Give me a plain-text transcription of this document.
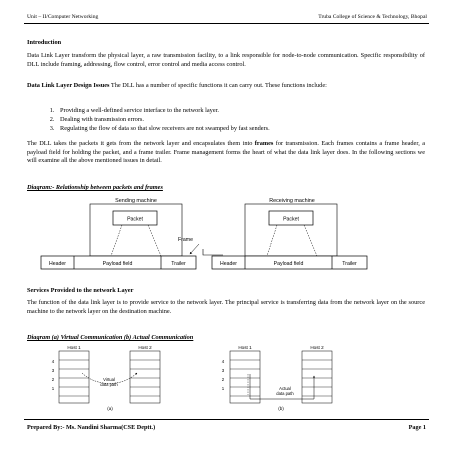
Unit – II/Computer Networking	Truba College of Science & Technology, Bhopal
Introduction
Data Link Layer transform the physical layer, a raw transmission facility, to a link responsible for node-to-node communication. Specific responsibility of DLL include framing, addressing, flow control, error control and media access control.
Data Link Layer Design Issues The DLL has a number of specific functions it can carry out. These functions include:
1. Providing a well-defined service interface to the network layer.
2. Dealing with transmission errors.
3. Regulating the flow of data so that slow receivers are not swamped by fast senders.
The DLL takes the packets it gets from the network layer and encapsulates them into frames for transmission. Each frames contains a frame header, a payload field for holding the packet, and a frame trailer. Frame management forms the heart of what the data link layer does. In the following sections we will examine all the above mentioned issues in detail.
Diagram:- Relationship between packets and frames
Sending machine
Packet
Header	Payload field	Trailer
Frame
Receiving machine
Packet
Header	Payload field	Trailer
Services Provided to the network Layer
The function of the data link layer is to provide service to the network layer. The principal service is transferring data from the network layer on the source machine to the network layer on the destination machine.
Diagram (a) Virtual Communication (b) Actual Communication
Host 1	Host 2
4
3
2
1
Virtual
data path
(a)
Host 1	Host 2
4
3
2
1	Actual
data path
(b)
Prepared By:- Ms. Nandini Sharma(CSE Deptt.)	Page 1
